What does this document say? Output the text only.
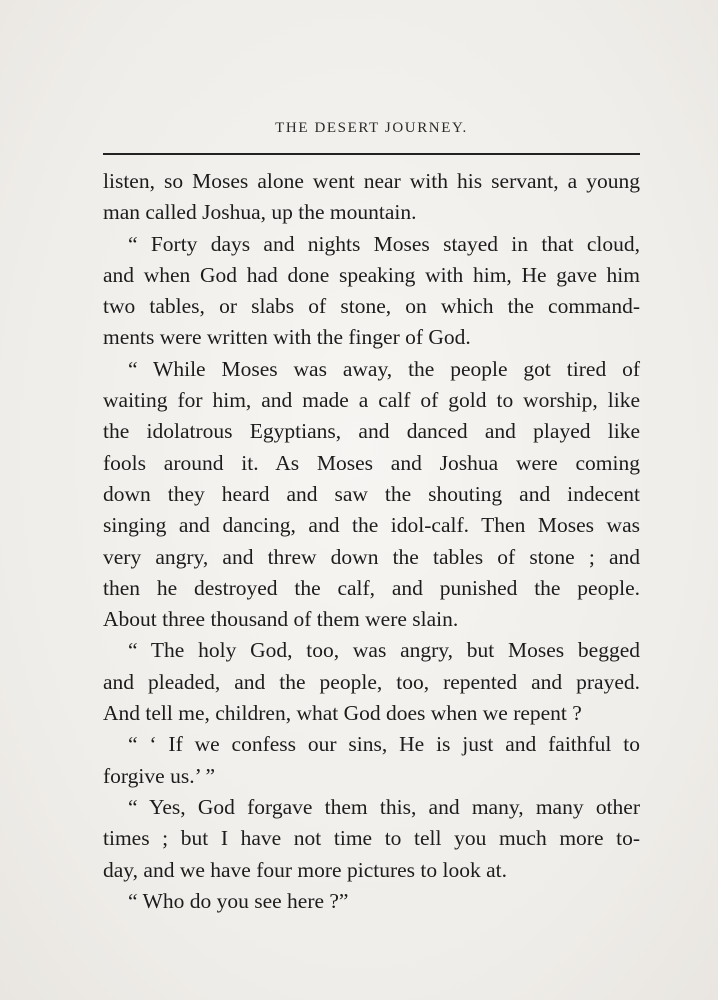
THE DESERT JOURNEY.
listen, so Moses alone went near with his servant, a young
man called Joshua, up the mountain.
“ Forty days and nights Moses stayed in that cloud,
and when God had done speaking with him, He gave him
two tables, or slabs of stone, on which the command-
ments were written with the finger of God.
“ While Moses was away, the people got tired of
waiting for him, and made a calf of gold to worship, like
the idolatrous Egyptians, and danced and played like
fools around it. As Moses and Joshua were coming
down they heard and saw the shouting and indecent
singing and dancing, and the idol-calf. Then Moses was
very angry, and threw down the tables of stone ; and
then he destroyed the calf, and punished the people.
About three thousand of them were slain.
“ The holy God, too, was angry, but Moses begged
and pleaded, and the people, too, repented and prayed.
And tell me, children, what God does when we repent ?
“ ‘ If we confess our sins, He is just and faithful to
forgive us.’ ”
“ Yes, God forgave them this, and many, many other
times ; but I have not time to tell you much more to-
day, and we have four more pictures to look at.
“ Who do you see here ?”
